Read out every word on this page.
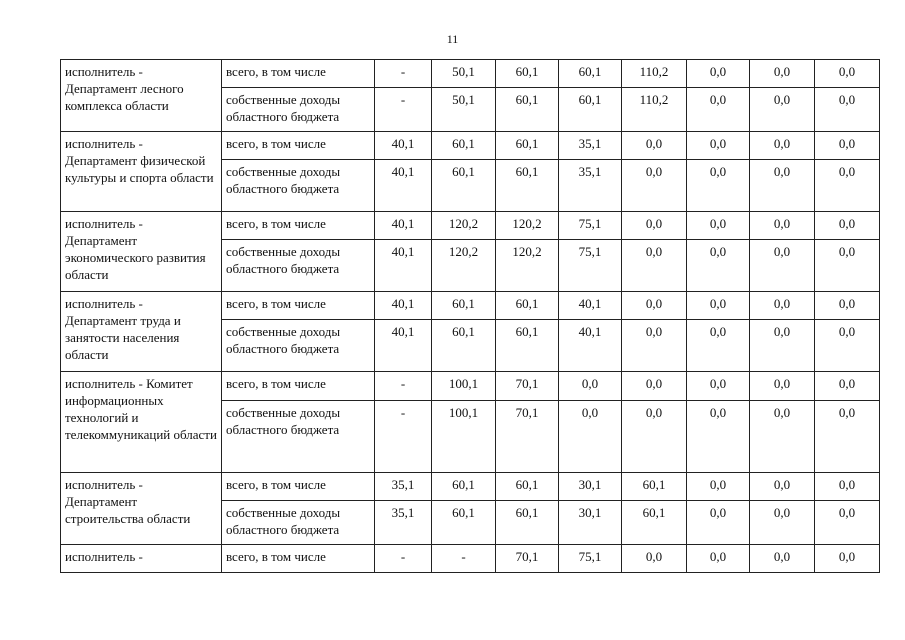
11
исполнитель - Департамент лесного комплекса области	всего, в том числе	-	50,1	60,1	60,1	110,2	0,0	0,0	0,0
	собственные доходы областного бюджета	-	50,1	60,1	60,1	110,2	0,0	0,0	0,0
исполнитель - Департамент физической культуры и спорта области	всего, в том числе	40,1	60,1	60,1	35,1	0,0	0,0	0,0	0,0
	собственные доходы областного бюджета	40,1	60,1	60,1	35,1	0,0	0,0	0,0	0,0
исполнитель - Департамент экономического развития области	всего, в том числе	40,1	120,2	120,2	75,1	0,0	0,0	0,0	0,0
	собственные доходы областного бюджета	40,1	120,2	120,2	75,1	0,0	0,0	0,0	0,0
исполнитель - Департамент труда и занятости населения области	всего, в том числе	40,1	60,1	60,1	40,1	0,0	0,0	0,0	0,0
	собственные доходы областного бюджета	40,1	60,1	60,1	40,1	0,0	0,0	0,0	0,0
исполнитель - Комитет информационных технологий и телекоммуникаций области	всего, в том числе	-	100,1	70,1	0,0	0,0	0,0	0,0	0,0
	собственные доходы областного бюджета	-	100,1	70,1	0,0	0,0	0,0	0,0	0,0
исполнитель - Департамент строительства области	всего, в том числе	35,1	60,1	60,1	30,1	60,1	0,0	0,0	0,0
	собственные доходы областного бюджета	35,1	60,1	60,1	30,1	60,1	0,0	0,0	0,0
исполнитель -	всего, в том числе	-	-	70,1	75,1	0,0	0,0	0,0	0,0
